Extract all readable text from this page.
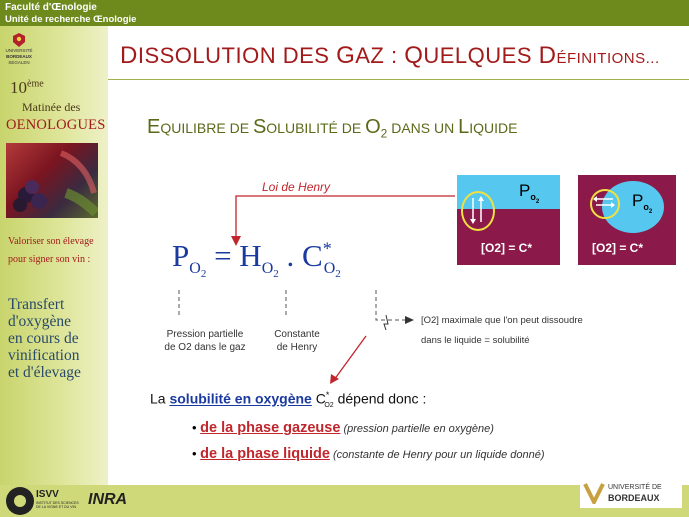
Faculté d'Œnologie
Unité de recherche Œnologie
UNIVERSITÉ
BORDEAUX
SEGALEN
10ème
Matinée des
OENOLOGUES
Valoriser son élevage
pour signer son vin :
Transfert
d'oxygène
en cours de
vinification
et d'élevage
DISSOLUTION DES GAZ : QUELQUES DÉFINITIONS...
EQUILIBRE DE SOLUBILITÉ DE $O_2$ DANS UN LIQUIDE
Loi de Henry
$P_{O_2} = H_{O_2}$ . $C^*_{O_2}$
$P_{o_2}$
[O2] = C*
$P_{o_2}$
[O2] = C*
Pression partielle
de O2 dans le gaz
Constante
de Henry
[O2] maximale que l'on peut dissoudre
dans le liquide = solubilité
La solubilité en oxygène $C^*_{O2}$ dépend donc :
• de la phase gazeuse (pression partielle en oxygène)
• de la phase liquide (constante de Henry pour un liquide donné)
ISVV
INSTITUT DES SCIENCES DE LA VIGNE ET DU VIN INRA
UNIVERSITÉ DE
BORDEAUX
